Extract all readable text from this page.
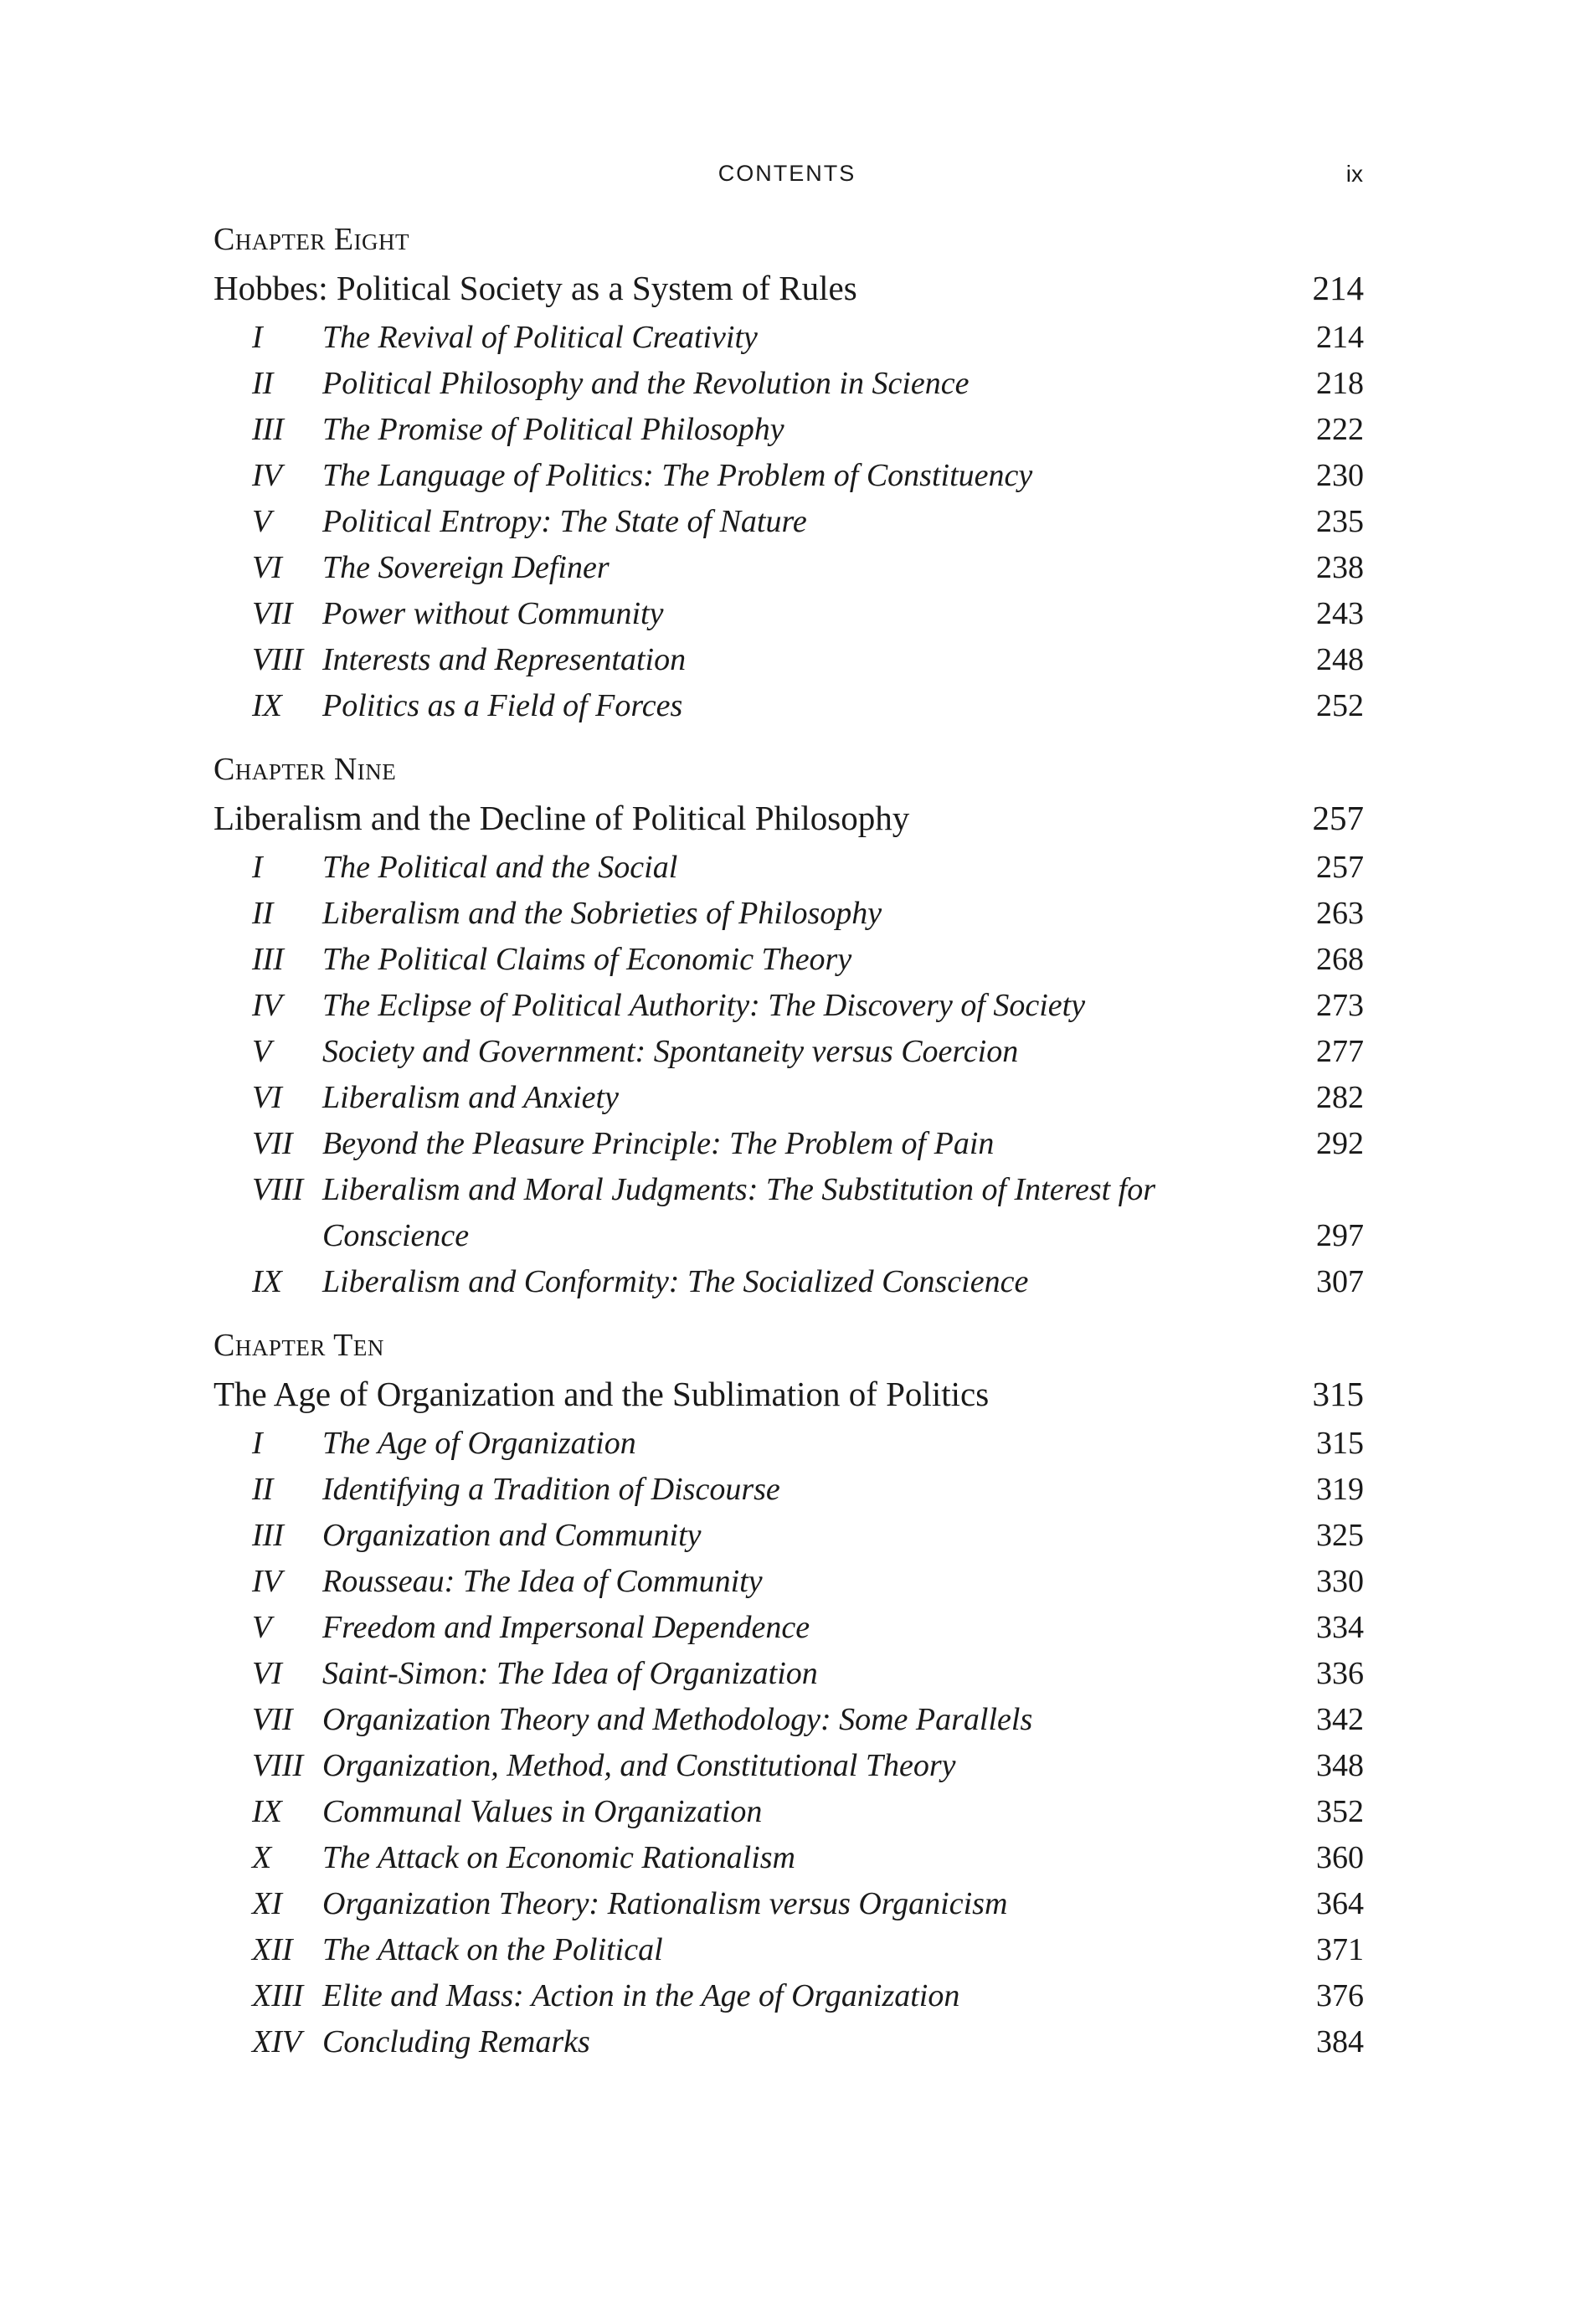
CONTENTS	ix
Chapter Eight
Hobbes: Political Society as a System of Rules	214
I	The Revival of Political Creativity	214
II	Political Philosophy and the Revolution in Science	218
III	The Promise of Political Philosophy	222
IV	The Language of Politics: The Problem of Constituency	230
V	Political Entropy: The State of Nature	235
VI	The Sovereign Definer	238
VII Power without Community	243
VIII Interests and Representation	248
IX	Politics as a Field of Forces	252
Chapter Nine
Liberalism and the Decline of Political Philosophy	257
I	The Political and the Social	257
II	Liberalism and the Sobrieties of Philosophy	263
III	The Political Claims of Economic Theory	268
IV	The Eclipse of Political Authority: The Discovery of Society	273
V	Society and Government: Spontaneity versus Coercion	277
VI	Liberalism and Anxiety	282
VII Beyond the Pleasure Principle: The Problem of Pain	292
VIII Liberalism and Moral Judgments: The Substitution of Interest for Conscience	297
IX	Liberalism and Conformity: The Socialized Conscience	307
Chapter Ten
The Age of Organization and the Sublimation of Politics	315
I	The Age of Organization	315
II	Identifying a Tradition of Discourse	319
III	Organization and Community	325
IV	Rousseau: The Idea of Community	330
V	Freedom and Impersonal Dependence	334
VI	Saint-Simon: The Idea of Organization	336
VII Organization Theory and Methodology: Some Parallels	342
VIII Organization, Method, and Constitutional Theory	348
IX	Communal Values in Organization	352
X	The Attack on Economic Rationalism	360
XI	Organization Theory: Rationalism versus Organicism	364
XII The Attack on the Political	371
XIII Elite and Mass: Action in the Age of Organization	376
XIV Concluding Remarks	384
